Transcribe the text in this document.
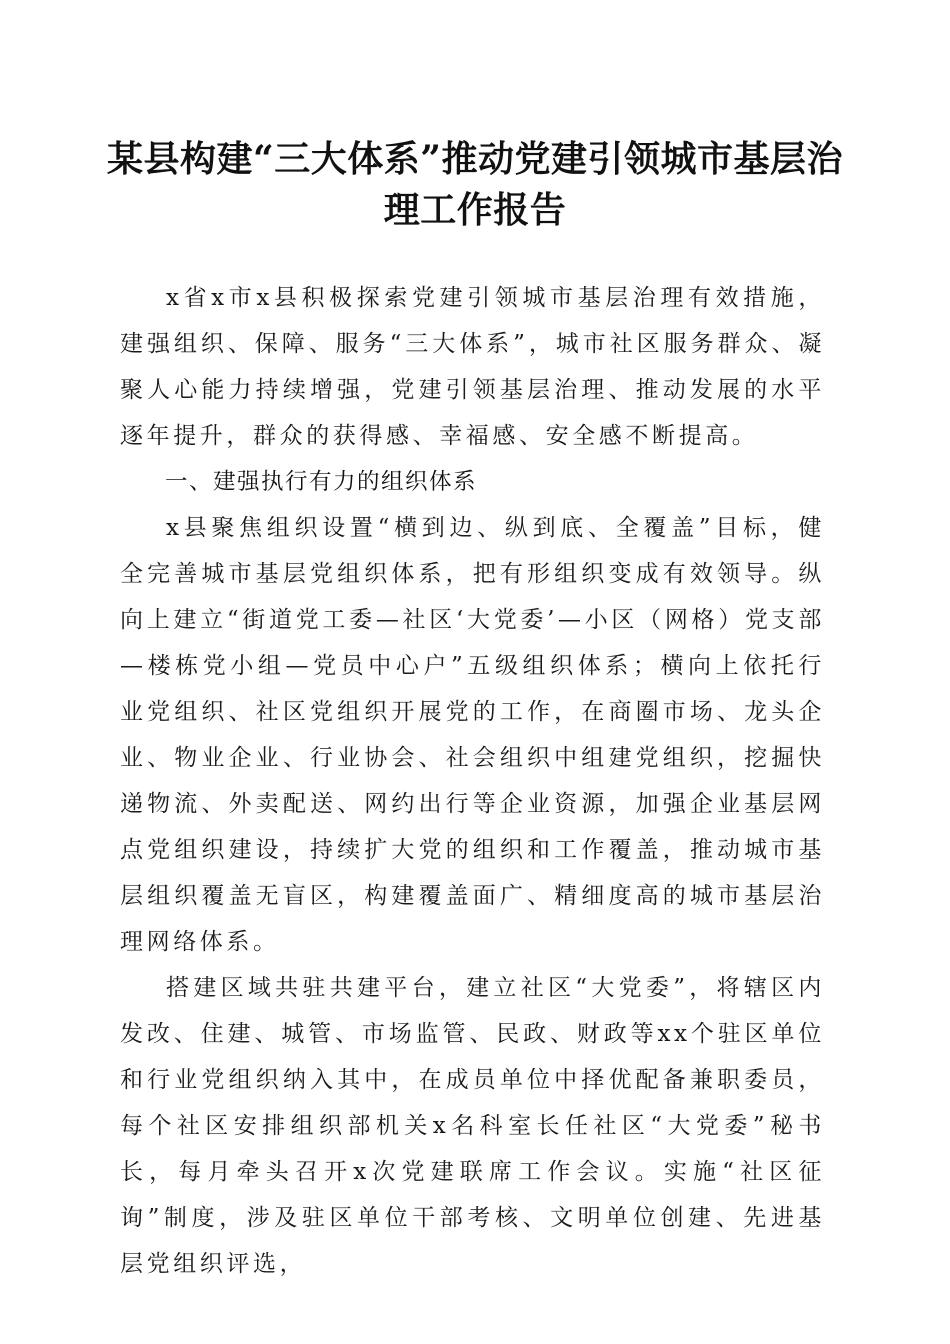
某县构建“三大体系”推动党建引领城市基层治理工作报告

x省x市x县积极探索党建引领城市基层治理有效措施，建强组织、保障、服务“三大体系”，城市社区服务群众、凝聚人心能力持续增强，党建引领基层治理、推动发展的水平逐年提升，群众的获得感、幸福感、安全感不断提高。

一、建强执行有力的组织体系

x县聚焦组织设置“横到边、纵到底、全覆盖”目标，健全完善城市基层党组织体系，把有形组织变成有效领导。纵向上建立“街道党工委—社区‘大党委’—小区（网格）党支部—楼栋党小组—党员中心户”五级组织体系；横向上依托行业党组织、社区党组织开展党的工作，在商圈市场、龙头企业、物业企业、行业协会、社会组织中组建党组织，挖掘快递物流、外卖配送、网约出行等企业资源，加强企业基层网点党组织建设，持续扩大党的组织和工作覆盖，推动城市基层组织覆盖无盲区，构建覆盖面广、精细度高的城市基层治理网络体系。

搭建区域共驻共建平台，建立社区“大党委”，将辖区内发改、住建、城管、市场监管、民政、财政等xx个驻区单位和行业党组织纳入其中，在成员单位中择优配备兼职委员，每个社区安排组织部机关x名科室长任社区“大党委”秘书长，每月牵头召开x次党建联席工作会议。实施“社区征询”制度，涉及驻区单位干部考核、文明单位创建、先进基层党组织评选，
